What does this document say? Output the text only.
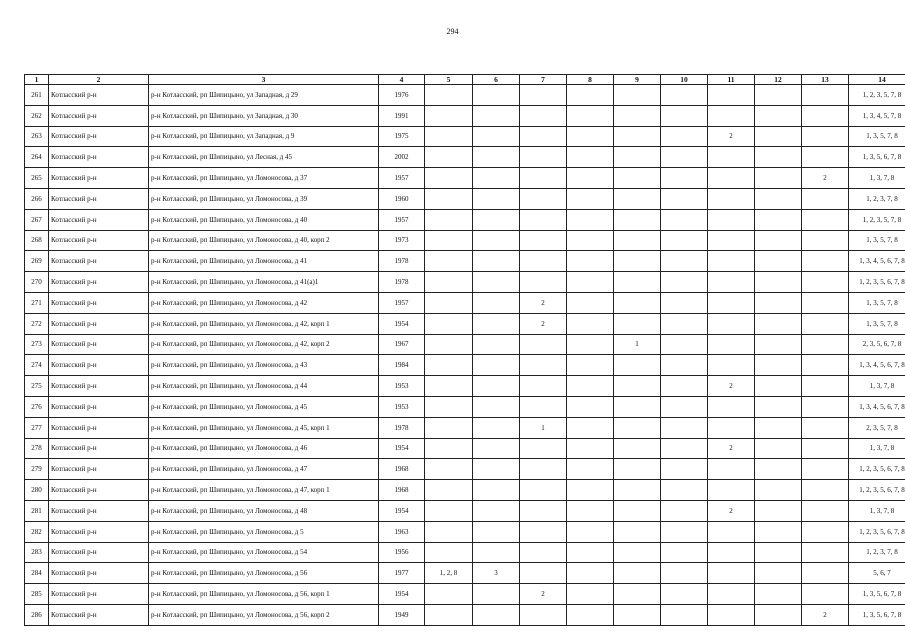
294
1	2	3	4	5	6	7	8	9	10	11	12	13	14
261	Котласский р-н	р-н Котласский, рп Шипицыно, ул Западная, д 29	1976										1, 2, 3, 5, 7, 8
262	Котласский р-н	р-н Котласский, рп Шипицыно, ул Западная, д 30	1991										1, 3, 4, 5, 7, 8
263	Котласский р-н	р-н Котласский, рп Шипицыно, ул Западная, д 9	1975							2			1, 3, 5, 7, 8
264	Котласский р-н	р-н Котласский, рп Шипицыно, ул Лесная, д 45	2002										1, 3, 5, 6, 7, 8
265	Котласский р-н	р-н Котласский, рп Шипицыно, ул Ломоносова, д 37	1957									2	1, 3, 7, 8
266	Котласский р-н	р-н Котласский, рп Шипицыно, ул Ломоносова, д 39	1960										1, 2, 3, 7, 8
267	Котласский р-н	р-н Котласский, рп Шипицыно, ул Ломоносова, д 40	1957										1, 2, 3, 5, 7, 8
268	Котласский р-н	р-н Котласский, рп Шипицыно, ул Ломоносова, д 40, корп 2	1973										1, 3, 5, 7, 8
269	Котласский р-н	р-н Котласский, рп Шипицыно, ул Ломоносова, д 41	1978										1, 3, 4, 5, 6, 7, 8
270	Котласский р-н	р-н Котласский, рп Шипицыно, ул Ломоносова, д 41(а)1	1978										1, 2, 3, 5, 6, 7, 8
271	Котласский р-н	р-н Котласский, рп Шипицыно, ул Ломоносова, д 42	1957			2							1, 3, 5, 7, 8
272	Котласский р-н	р-н Котласский, рп Шипицыно, ул Ломоносова, д 42, корп 1	1954			2							1, 3, 5, 7, 8
273	Котласский р-н	р-н Котласский, рп Шипицыно, ул Ломоносова, д 42, корп 2	1967					1					2, 3, 5, 6, 7, 8
274	Котласский р-н	р-н Котласский, рп Шипицыно, ул Ломоносова, д 43	1984										1, 3, 4, 5, 6, 7, 8
275	Котласский р-н	р-н Котласский, рп Шипицыно, ул Ломоносова, д 44	1953							2			1, 3, 7, 8
276	Котласский р-н	р-н Котласский, рп Шипицыно, ул Ломоносова, д 45	1953										1, 3, 4, 5, 6, 7, 8
277	Котласский р-н	р-н Котласский, рп Шипицыно, ул Ломоносова, д 45, корп 1	1978			1							2, 3, 5, 7, 8
278	Котласский р-н	р-н Котласский, рп Шипицыно, ул Ломоносова, д 46	1954							2			1, 3, 7, 8
279	Котласский р-н	р-н Котласский, рп Шипицыно, ул Ломоносова, д 47	1968										1, 2, 3, 5, 6, 7, 8
280	Котласский р-н	р-н Котласский, рп Шипицыно, ул Ломоносова, д 47, корп 1	1968										1, 2, 3, 5, 6, 7, 8
281	Котласский р-н	р-н Котласский, рп Шипицыно, ул Ломоносова, д 48	1954							2			1, 3, 7, 8
282	Котласский р-н	р-н Котласский, рп Шипицыно, ул Ломоносова, д 5	1963										1, 2, 3, 5, 6, 7, 8
283	Котласский р-н	р-н Котласский, рп Шипицыно, ул Ломоносова, д 54	1956										1, 2, 3, 7, 8
284	Котласский р-н	р-н Котласский, рп Шипицыно, ул Ломоносова, д 56	1977	1, 2, 8	3								5, 6, 7
285	Котласский р-н	р-н Котласский, рп Шипицыно, ул Ломоносова, д 56, корп 1	1954			2							1, 3, 5, 6, 7, 8
286	Котласский р-н	р-н Котласский, рп Шипицыно, ул Ломоносова, д 56, корп 2	1949									2	1, 3, 5, 6, 7, 8
